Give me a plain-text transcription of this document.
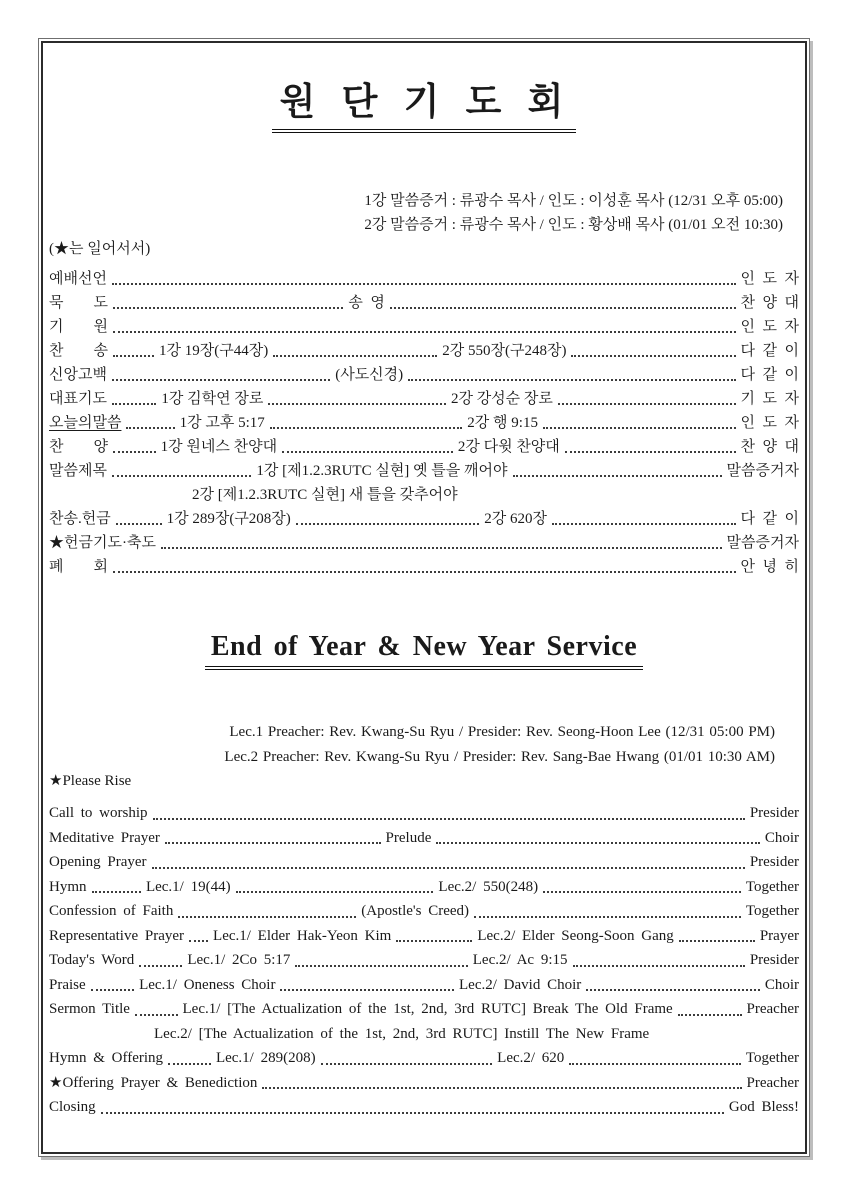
원 단 기 도 회
1강 말씀증거 : 류광수 목사 / 인도 : 이성훈 목사 (12/31 오후 05:00)
2강 말씀증거 : 류광수 목사 / 인도 : 황상배 목사 (01/01 오전 10:30)
(★는 일어서서)
예배선언	인  도  자
묵        도	송  영	찬  양  대
기        원	인  도  자
찬        송	1강 19장(구44장)	2강 550장(구248장)	다  같  이
신앙고백	(사도신경)	다  같  이
대표기도	1강 김학연 장로	2강 강성순 장로	기  도  자
오늘의말씀	1강 고후 5:17	2강 행 9:15	인  도  자
찬        양	1강 원네스 찬양대	2강 다윗 찬양대	찬  양  대
말씀제목	1강 [제1.2.3RUTC 실현] 옛 틀을 깨어야	말씀증거자
2강 [제1.2.3RUTC 실현] 새 틀을 갖추어야
찬송.헌금	1강 289장(구208장)	2강 620장	다  같  이
★헌금기도·축도	말씀증거자
폐        회	안  녕  히
End of Year & New Year Service
Lec.1 Preacher: Rev. Kwang-Su Ryu / Presider: Rev. Seong-Hoon Lee (12/31 05:00 PM)
Lec.2 Preacher: Rev. Kwang-Su Ryu / Presider: Rev. Sang-Bae Hwang (01/01 10:30 AM)
★Please Rise
Call to worship	Presider
Meditative Prayer	Prelude	Choir
Opening Prayer	Presider
Hymn	Lec.1/ 19(44)	Lec.2/ 550(248)	Together
Confession of Faith	(Apostle's Creed)	Together
Representative Prayer Lec.1/ Elder Hak-Yeon Kim	Lec.2/ Elder Seong-Soon Gang	Prayer
Today's Word	Lec.1/ 2Co 5:17	Lec.2/ Ac 9:15	Presider
Praise	Lec.1/ Oneness Choir	Lec.2/ David Choir	Choir
Sermon Title	Lec.1/ [The Actualization of the 1st, 2nd, 3rd RUTC] Break The Old Frame	Preacher
Lec.2/ [The Actualization of the 1st, 2nd, 3rd RUTC] Instill The New Frame
Hymn & Offering	Lec.1/ 289(208)	Lec.2/ 620	Together
★Offering Prayer & Benediction	Preacher
Closing	God Bless!
